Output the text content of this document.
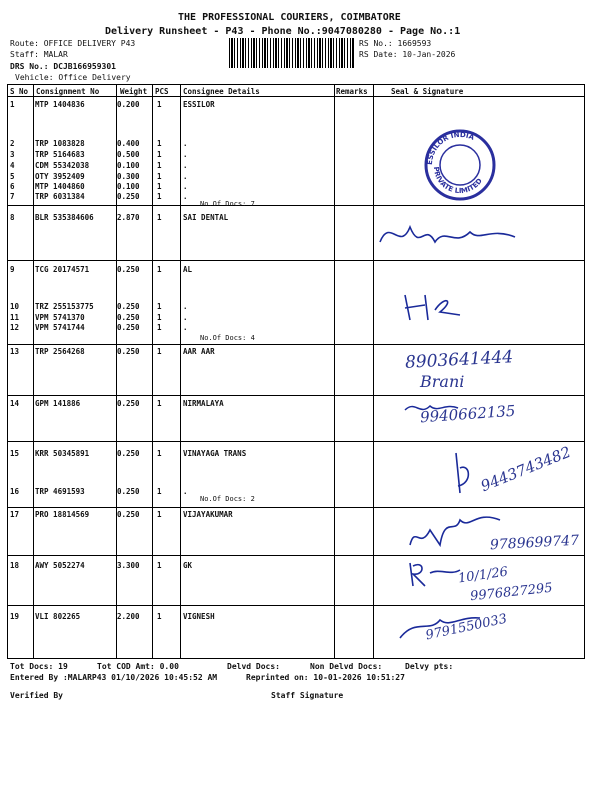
THE PROFESSIONAL COURIERS, COIMBATORE
Delivery Runsheet - P43 - Phone No.:9047080280 - Page No.:1
Route: OFFICE DELIVERY P43
Staff: MALAR
DRS No.: DCJB166959301
Vehicle: Office Delivery
RS No.: 1669593
RS Date: 10-Jan-2026
S No Consignment No	Weight PCS Consignee Details	Remarks	Seal & Signature
1	MTP 1404836	0.200 1	ESSILOR
2	TRP 1083828	0.400 1	.
3	TRP 5164683	0.500 1	.
4	CDM 55342038	0.100 1	.
5	OTY 3952409	0.300 1	.
6	MTP 1404860	0.100 1	.
7	TRP 6031384	0.250 1	.
8	BLR 535384606	2.870 1	SAI DENTAL
9	TCG 20174571	0.250 1	AL
10 TRZ 255153775	0.250 1	.
11 VPM 5741370	0.250 1	.
12 VPM 5741744	0.250 1	.
13 TRP 2564268	0.250 1	AAR AAR
14 GPM 141886	0.250 1	NIRMALAYA
15 KRR 50345891	0.250 1	VINAYAGA TRANS
16 TRP 4691593	0.250 1	.
17 PRO 18814569	0.250 1	VIJAYAKUMAR
18 AWY 5052274	3.300 1	GK
19 VLI 802265	2.200 1	VIGNESH
No.Of Docs: 7
No.Of Docs: 4
No.Of Docs: 2
ESSILOR INDIA
PRIVATE LIMITED
8903641444
Brani
9940662135
9443743482
9789699747
10/1/26
9976827295
9791550033
Tot Docs: 19	Tot COD Amt: 0.00	Delvd Docs:	Non Delvd Docs:	Delvy pts:
Entered By :MALARP43 01/10/2026 10:45:52 AM	Reprinted on: 10-01-2026 10:51:27
Verified By	Staff Signature
